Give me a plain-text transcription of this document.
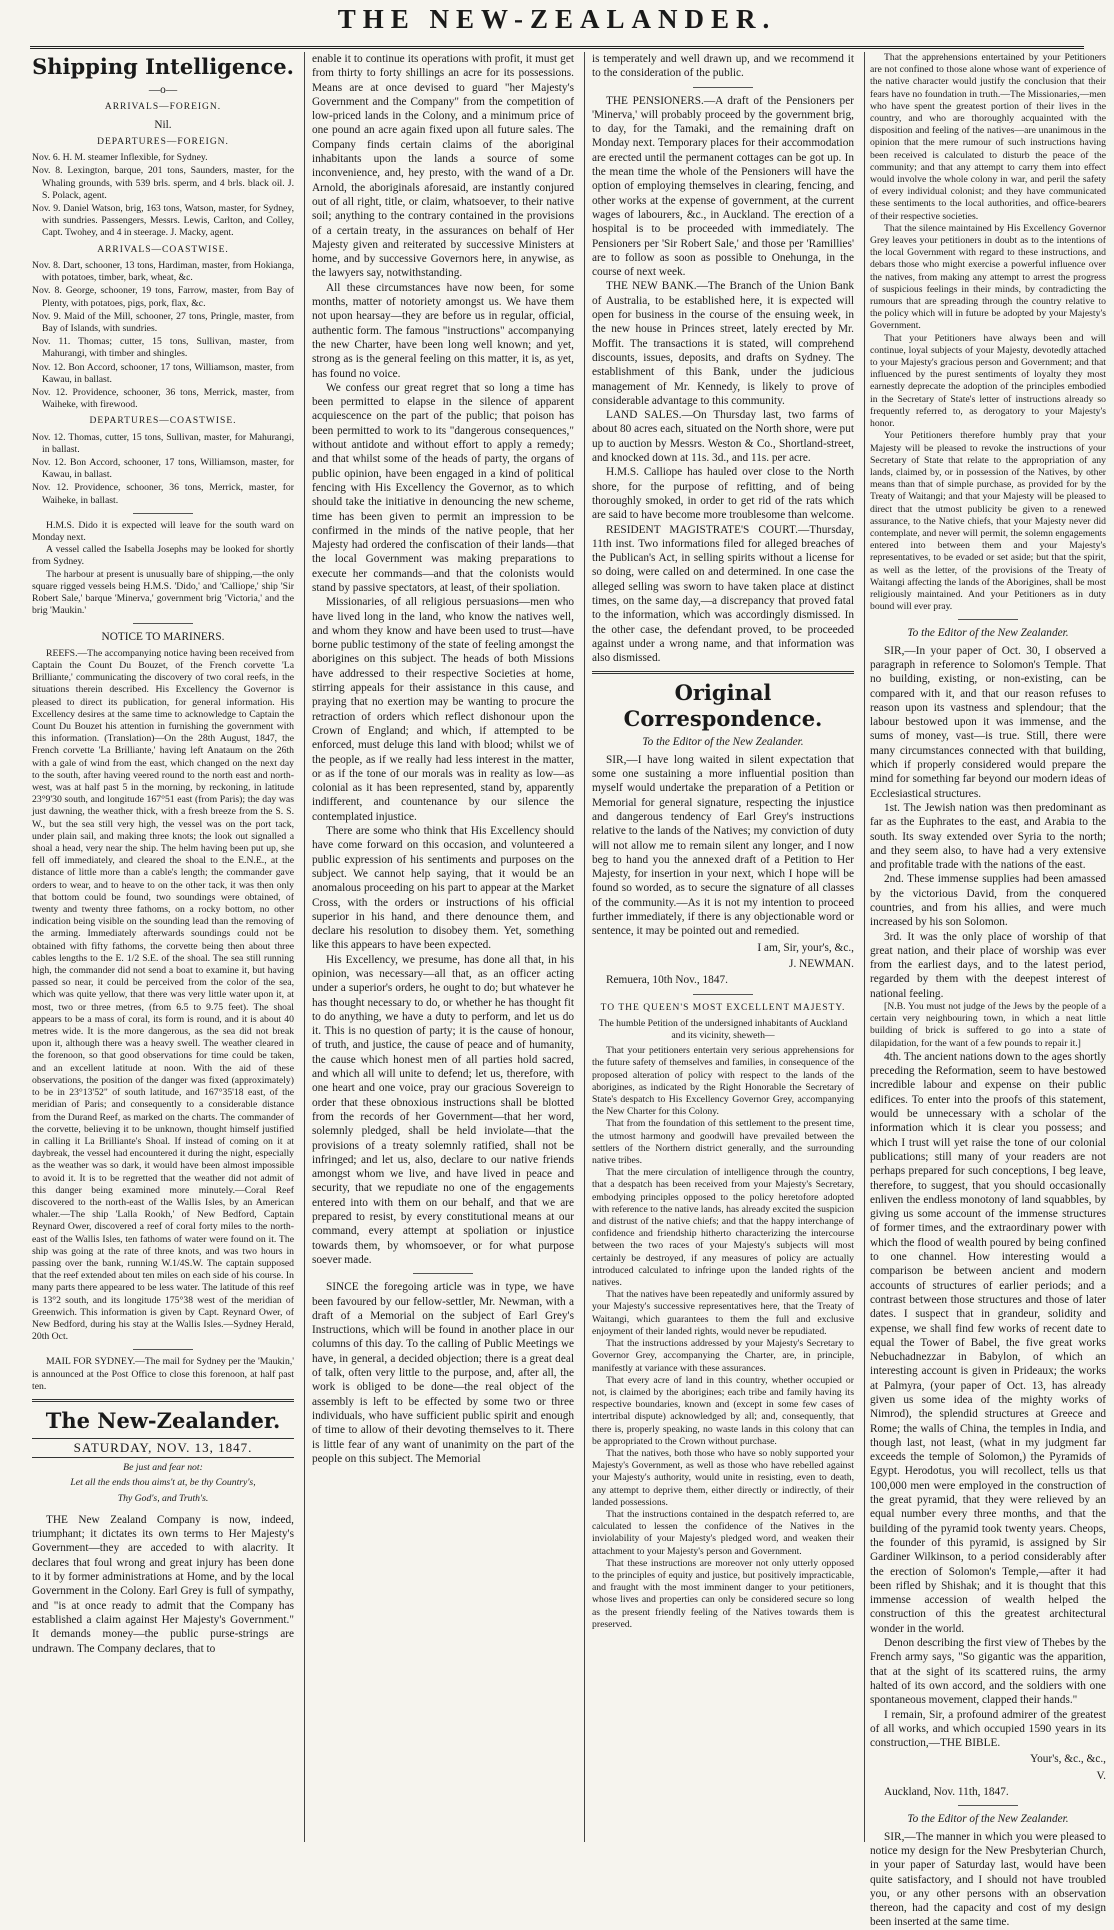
THE NEW-ZEALANDER.
Shipping Intelligence.

—o—

ARRIVALS—FOREIGN.

Nil.

DEPARTURES—FOREIGN.

Nov. 6. H. M. steamer Inflexible, for Sydney.

Nov. 8. Lexington, barque, 201 tons, Saunders, master, for the Whaling grounds, with 539 brls. sperm, and 4 brls. black oil. J. S. Polack, agent.

Nov. 9. Daniel Watson, brig, 163 tons, Watson, master, for Sydney, with sundries. Passengers, Messrs. Lewis, Carlton, and Colley, Capt. Twohey, and 4 in steerage. J. Macky, agent.

ARRIVALS—COASTWISE.

Nov. 8. Dart, schooner, 13 tons, Hardiman, master, from Hokianga, with potatoes, timber, bark, wheat, &c.

Nov. 8. George, schooner, 19 tons, Farrow, master, from Bay of Plenty, with potatoes, pigs, pork, flax, &c.

Nov. 9. Maid of the Mill, schooner, 27 tons, Pringle, master, from Bay of Islands, with sundries.

Nov. 11. Thomas; cutter, 15 tons, Sullivan, master, from Mahurangi, with timber and shingles.

Nov. 12. Bon Accord, schooner, 17 tons, Williamson, master, from Kawau, in ballast.

Nov. 12. Providence, schooner, 36 tons, Merrick, master, from Waiheke, with firewood.

DEPARTURES—COASTWISE.

Nov. 12. Thomas, cutter, 15 tons, Sullivan, master, for Mahurangi, in ballast.

Nov. 12. Bon Accord, schooner, 17 tons, Williamson, master, for Kawau, in ballast.

Nov. 12. Providence, schooner, 36 tons, Merrick, master, for Waiheke, in ballast.

H.M.S. Dido it is expected will leave for the south ward on Monday next.

A vessel called the Isabella Josephs may be looked for shortly from Sydney.

The harbour at present is unusually bare of shipping,—the only square rigged vessels being H.M.S. 'Dido,' and 'Calliope,' ship 'Sir Robert Sale,' barque 'Minerva,' government brig 'Victoria,' and the brig 'Maukin.'

NOTICE TO MARINERS.

REEFS.—The accompanying notice having been received from Captain the Count Du Bouzet, of the French corvette 'La Brilliante,' communicating the discovery of two coral reefs, in the situations therein described. His Excellency the Governor is pleased to direct its publication, for general information. His Excellency desires at the same time to acknowledge to Captain the Count Du Bouzet his attention in furnishing the government with this information. (Translation)—On the 28th August, 1847, the French corvette 'La Brilliante,' having left Anataum on the 26th with a gale of wind from the east, which changed on the next day to the south, after having veered round to the north east and north-west, was at half past 5 in the morning, by reckoning, in latitude 23°9'30 south, and longitude 167°51 east (from Paris); the day was just dawning, the weather thick, with a fresh breeze from the S. S. W., but the sea still very high, the vessel was on the port tack, under plain sail, and making three knots; the look out signalled a shoal a head, very near the ship. The helm having been put up, she fell off immediately, and cleared the shoal to the E.N.E., at the distance of little more than a cable's length; the commander gave orders to wear, and to heave to on the other tack, it was then only that bottom could be found, two soundings were obtained, of twenty and twenty three fathoms, on a rocky bottom, no other indication being visible on the sounding lead than the removing of the arming. Immediately afterwards soundings could not be obtained with fifty fathoms, the corvette being then about three cables lengths to the E. 1/2 S.E. of the shoal. The sea still running high, the commander did not send a boat to examine it, but having passed so near, it could be perceived from the color of the sea, which was quite yellow, that there was very little water upon it, at most, two or three metres, (from 6.5 to 9.75 feet). The shoal appears to be a mass of coral, its form is round, and it is about 40 metres wide. It is the more dangerous, as the sea did not break upon it, although there was a heavy swell. The weather cleared in the forenoon, so that good observations for time could be taken, and an excellent latitude at noon. With the aid of these observations, the position of the danger was fixed (approximately) to be in 23°13'52" of south latitude, and 167°35'18 east, of the meridian of Paris; and consequently to a considerable distance from the Durand Reef, as marked on the charts. The commander of the corvette, believing it to be unknown, thought himself justified in calling it La Brilliante's Shoal. If instead of coming on it at daybreak, the vessel had encountered it during the night, especially as the weather was so dark, it would have been almost impossible to avoid it. It is to be regretted that the weather did not admit of this danger being examined more minutely.—Coral Reef discovered to the north-east of the Wallis Isles, by an American whaler.—The ship 'Lalla Rookh,' of New Bedford, Captain Reynard Ower, discovered a reef of coral forty miles to the north-east of the Wallis Isles, ten fathoms of water were found on it. The ship was going at the rate of three knots, and was two hours in passing over the bank, running W.1/4S.W. The captain supposed that the reef extended about ten miles on each side of his course. In many parts there appeared to be less water. The latitude of this reef is 13°2 south, and its longitude 175°38 west of the meridian of Greenwich. This information is given by Capt. Reynard Ower, of New Bedford, during his stay at the Wallis Isles.—Sydney Herald, 20th Oct.

MAIL FOR SYDNEY.—The mail for Sydney per the 'Maukin,' is announced at the Post Office to close this forenoon, at half past ten.

The New-Zealander.
SATURDAY, NOV. 13, 1847.

Be just and fear not:

Let all the ends thou aims't at, be thy Country's,

Thy God's, and Truth's.

THE New Zealand Company is now, indeed, triumphant; it dictates its own terms to Her Majesty's Government—they are acceded to with alacrity. It declares that foul wrong and great injury has been done to it by former administrations at Home, and by the local Government in the Colony. Earl Grey is full of sympathy, and "is at once ready to admit that the Company has established a claim against Her Majesty's Government." It demands money—the public purse-strings are undrawn. The Company declares, that to

enable it to continue its operations with profit, it must get from thirty to forty shillings an acre for its possessions. Means are at once devised to guard "her Majesty's Government and the Company" from the competition of low-priced lands in the Colony, and a minimum price of one pound an acre again fixed upon all future sales. The Company finds certain claims of the aboriginal inhabitants upon the lands a source of some inconvenience, and, hey presto, with the wand of a Dr. Arnold, the aboriginals aforesaid, are instantly conjured out of all right, title, or claim, whatsoever, to their native soil; anything to the contrary contained in the provisions of a certain treaty, in the assurances on behalf of Her Majesty given and reiterated by successive Ministers at home, and by successive Governors here, in anywise, as the lawyers say, notwithstanding.

All these circumstances have now been, for some months, matter of notoriety amongst us. We have them not upon hearsay—they are before us in regular, official, authentic form. The famous "instructions" accompanying the new Charter, have been long well known; and yet, strong as is the general feeling on this matter, it is, as yet, has found no voice.

We confess our great regret that so long a time has been permitted to elapse in the silence of apparent acquiescence on the part of the public; that poison has been permitted to work to its "dangerous consequences," without antidote and without effort to apply a remedy; and that whilst some of the heads of party, the organs of public opinion, have been engaged in a kind of political fencing with His Excellency the Governor, as to which should take the initiative in denouncing the new scheme, time has been given to permit an impression to be confirmed in the minds of the native people, that her Majesty had ordered the confiscation of their lands—that the local Government was making preparations to execute her commands—and that the colonists would stand by passive spectators, at least, of their spoliation.

Missionaries, of all religious persuasions—men who have lived long in the land, who know the natives well, and whom they know and have been used to trust—have borne public testimony of the state of feeling amongst the aborigines on this subject. The heads of both Missions have addressed to their respective Societies at home, stirring appeals for their assistance in this cause, and praying that no exertion may be wanting to procure the retraction of orders which reflect dishonour upon the Crown of England; and which, if attempted to be enforced, must deluge this land with blood; whilst we of the people, as if we really had less interest in the matter, or as if the tone of our morals was in reality as low—as colonial as it has been represented, stand by, apparently indifferent, and countenance by our silence the contemplated injustice.

There are some who think that His Excellency should have come forward on this occasion, and volunteered a public expression of his sentiments and purposes on the subject. We cannot help saying, that it would be an anomalous proceeding on his part to appear at the Market Cross, with the orders or instructions of his official superior in his hand, and there denounce them, and declare his resolution to disobey them. Yet, something like this appears to have been expected.

His Excellency, we presume, has done all that, in his opinion, was necessary—all that, as an officer acting under a superior's orders, he ought to do; but whatever he has thought necessary to do, or whether he has thought fit to do anything, we have a duty to perform, and let us do it. This is no question of party; it is the cause of honour, of truth, and justice, the cause of peace and of humanity, the cause which honest men of all parties hold sacred, and which all will unite to defend; let us, therefore, with one heart and one voice, pray our gracious Sovereign to order that these obnoxious instructions shall be blotted from the records of her Government—that her word, solemnly pledged, shall be held inviolate—that the provisions of a treaty solemnly ratified, shall not be infringed; and let us, also, declare to our native friends amongst whom we live, and have lived in peace and security, that we repudiate no one of the engagements entered into with them on our behalf, and that we are prepared to resist, by every constitutional means at our command, every attempt at spoliation or injustice towards them, by whomsoever, or for what purpose soever made.

SINCE the foregoing article was in type, we have been favoured by our fellow-settler, Mr. Newman, with a draft of a Memorial on the subject of Earl Grey's Instructions, which will be found in another place in our columns of this day. To the calling of Public Meetings we have, in general, a decided objection; there is a great deal of talk, often very little to the purpose, and, after all, the work is obliged to be done—the real object of the assembly is left to be effected by some two or three individuals, who have sufficient public spirit and enough of time to allow of their devoting themselves to it. There is little fear of any want of unanimity on the part of the people on this subject. The Memorial

is temperately and well drawn up, and we recommend it to the consideration of the public.

THE PENSIONERS.—A draft of the Pensioners per 'Minerva,' will probably proceed by the government brig, to day, for the Tamaki, and the remaining draft on Monday next. Temporary places for their accommodation are erected until the permanent cottages can be got up. In the mean time the whole of the Pensioners will have the option of employing themselves in clearing, fencing, and other works at the expense of government, at the current wages of labourers, &c., in Auckland. The erection of a hospital is to be proceeded with immediately. The Pensioners per 'Sir Robert Sale,' and those per 'Ramillies' are to follow as soon as possible to Onehunga, in the course of next week.

THE NEW BANK.—The Branch of the Union Bank of Australia, to be established here, it is expected will open for business in the course of the ensuing week, in the new house in Princes street, lately erected by Mr. Moffit. The transactions it is stated, will comprehend discounts, issues, deposits, and drafts on Sydney. The establishment of this Bank, under the judicious management of Mr. Kennedy, is likely to prove of considerable advantage to this community.

LAND SALES.—On Thursday last, two farms of about 80 acres each, situated on the North shore, were put up to auction by Messrs. Weston & Co., Shortland-street, and knocked down at 11s. 3d., and 11s. per acre.

H.M.S. Calliope has hauled over close to the North shore, for the purpose of refitting, and of being thoroughly smoked, in order to get rid of the rats which are said to have become more troublesome than welcome.

RESIDENT MAGISTRATE'S COURT.—Thursday, 11th inst. Two informations filed for alleged breaches of the Publican's Act, in selling spirits without a license for so doing, were called on and determined. In one case the alleged selling was sworn to have taken place at distinct times, on the same day,—a discrepancy that proved fatal to the information, which was accordingly dismissed. In the other case, the defendant proved, to be proceeded against under a wrong name, and that information was also dismissed.

Original Correspondence.

To the Editor of the New Zealander.

SIR,—I have long waited in silent expectation that some one sustaining a more influential position than myself would undertake the preparation of a Petition or Memorial for general signature, respecting the injustice and dangerous tendency of Earl Grey's instructions relative to the lands of the Natives; my conviction of duty will not allow me to remain silent any longer, and I now beg to hand you the annexed draft of a Petition to Her Majesty, for insertion in your next, which I hope will be found so worded, as to secure the signature of all classes of the community.—As it is not my intention to proceed further immediately, if there is any objectionable word or sentence, it may be pointed out and remedied.

I am, Sir, your's, &c.,

J. NEWMAN.

Remuera, 10th Nov., 1847.

TO THE QUEEN'S MOST EXCELLENT MAJESTY.

The humble Petition of the undersigned inhabitants of Auckland and its vicinity, sheweth—

That your petitioners entertain very serious apprehensions for the future safety of themselves and families, in consequence of the proposed alteration of policy with respect to the lands of the aborigines, as indicated by the Right Honorable the Secretary of State's despatch to His Excellency Governor Grey, accompanying the New Charter for this Colony.

That from the foundation of this settlement to the present time, the utmost harmony and goodwill have prevailed between the settlers of the Northern district generally, and the surrounding native tribes.

That the mere circulation of intelligence through the country, that a despatch has been received from your Majesty's Secretary, embodying principles opposed to the policy heretofore adopted with reference to the native lands, has already excited the suspicion and distrust of the native chiefs; and that the happy interchange of confidence and friendship hitherto characterizing the intercourse between the two races of your Majesty's subjects will most certainly be destroyed, if any measures of policy are actually introduced calculated to infringe upon the landed rights of the natives.

That the natives have been repeatedly and uniformly assured by your Majesty's successive representatives here, that the Treaty of Waitangi, which guarantees to them the full and exclusive enjoyment of their landed rights, would never be repudiated.

That the instructions addressed by your Majesty's Secretary to Governor Grey, accompanying the Charter, are, in principle, manifestly at variance with these assurances.

That every acre of land in this country, whether occupied or not, is claimed by the aborigines; each tribe and family having its respective boundaries, known and (except in some few cases of intertribal dispute) acknowledged by all; and, consequently, that there is, properly speaking, no waste lands in this colony that can be appropriated to the Crown without purchase.

That the natives, both those who have so nobly supported your Majesty's Government, as well as those who have rebelled against your Majesty's authority, would unite in resisting, even to death, any attempt to deprive them, either directly or indirectly, of their landed possessions.

That the instructions contained in the despatch referred to, are calculated to lessen the confidence of the Natives in the inviolability of your Majesty's pledged word, and weaken their attachment to your Majesty's person and Government.

That these instructions are moreover not only utterly opposed to the principles of equity and justice, but positively impracticable, and fraught with the most imminent danger to your petitioners, whose lives and properties can only be considered secure so long as the present friendly feeling of the Natives towards them is preserved.

That the apprehensions entertained by your Petitioners are not confined to those alone whose want of experience of the native character would justify the conclusion that their fears have no foundation in truth.—The Missionaries,—men who have spent the greatest portion of their lives in the country, and who are thoroughly acquainted with the disposition and feeling of the natives—are unanimous in the opinion that the mere rumour of such instructions having been received is calculated to disturb the peace of the community; and that any attempt to carry them into effect would involve the whole colony in war, and peril the safety of every individual colonist; and they have communicated these sentiments to the local authorities, and office-bearers of their respective societies.

That the silence maintained by His Excellency Governor Grey leaves your petitioners in doubt as to the intentions of the local Government with regard to these instructions, and debars those who might exercise a powerful influence over the natives, from making any attempt to arrest the progress of suspicious feelings in their minds, by contradicting the rumours that are spreading through the country relative to the policy which will in future be adopted by your Majesty's Government.

That your Petitioners have always been and will continue, loyal subjects of your Majesty, devotedly attached to your Majesty's gracious person and Government; and that influenced by the purest sentiments of loyalty they most earnestly deprecate the adoption of the principles embodied in the Secretary of State's letter of instructions already so frequently referred to, as derogatory to your Majesty's honor.

Your Petitioners therefore humbly pray that your Majesty will be pleased to revoke the instructions of your Secretary of State that relate to the appropriation of any lands, claimed by, or in possession of the Natives, by other means than that of simple purchase, as provided for by the Treaty of Waitangi; and that your Majesty will be pleased to direct that the utmost publicity be given to a renewed assurance, to the Native chiefs, that your Majesty never did contemplate, and never will permit, the solemn engagements entered into between them and your Majesty's representatives, to be evaded or set aside; but that the spirit, as well as the letter, of the provisions of the Treaty of Waitangi affecting the lands of the Aborigines, shall be most religiously maintained. And your Petitioners as in duty bound will ever pray.

To the Editor of the New Zealander.

SIR,—In your paper of Oct. 30, I observed a paragraph in reference to Solomon's Temple. That no building, existing, or non-existing, can be compared with it, and that our reason refuses to reason upon its vastness and splendour; that the labour bestowed upon it was immense, and the sums of money, vast—is true. Still, there were many circumstances connected with that building, which if properly considered would prepare the mind for something far beyond our modern ideas of Ecclesiastical structures.

1st. The Jewish nation was then predominant as far as the Euphrates to the east, and Arabia to the south. Its sway extended over Syria to the north; and they seem also, to have had a very extensive and profitable trade with the nations of the east.

2nd. These immense supplies had been amassed by the victorious David, from the conquered countries, and from his allies, and were much increased by his son Solomon.

3rd. It was the only place of worship of that great nation, and their place of worship was ever from the earliest days, and to the latest period, regarded by them with the deepest interest of national feeling.

[N.B. You must not judge of the Jews by the people of a certain very neighbouring town, in which a neat little building of brick is suffered to go into a state of dilapidation, for the want of a few pounds to repair it.]

4th. The ancient nations down to the ages shortly preceding the Reformation, seem to have bestowed incredible labour and expense on their public edifices. To enter into the proofs of this statement, would be unnecessary with a scholar of the information which it is clear you possess; and which I trust will yet raise the tone of our colonial publications; still many of your readers are not perhaps prepared for such conceptions, I beg leave, therefore, to suggest, that you should occasionally enliven the endless monotony of land squabbles, by giving us some account of the immense structures of former times, and the extraordinary power with which the flood of wealth poured by being confined to one channel. How interesting would a comparison be between ancient and modern accounts of structures of earlier periods; and a contrast between those structures and those of later dates. I suspect that in grandeur, solidity and expense, we shall find few works of recent date to equal the Tower of Babel, the five great works Nebuchadnezzar in Babylon, of which an interesting account is given in Prideaux; the works at Palmyra, (your paper of Oct. 13, has already given us some idea of the mighty works of Nimrod), the splendid structures at Greece and Rome; the walls of China, the temples in India, and though last, not least, (what in my judgment far exceeds the temple of Solomon,) the Pyramids of Egypt. Herodotus, you will recollect, tells us that 100,000 men were employed in the construction of the great pyramid, that they were relieved by an equal number every three months, and that the building of the pyramid took twenty years. Cheops, the founder of this pyramid, is assigned by Sir Gardiner Wilkinson, to a period considerably after the erection of Solomon's Temple,—after it had been rifled by Shishak; and it is thought that this immense accession of wealth helped the construction of this the greatest architectural wonder in the world.

Denon describing the first view of Thebes by the French army says, "So gigantic was the apparition, that at the sight of its scattered ruins, the army halted of its own accord, and the soldiers with one spontaneous movement, clapped their hands."

I remain, Sir, a profound admirer of the greatest of all works, and which occupied 1590 years in its construction,—THE BIBLE.

Your's, &c., &c.,

V.

Auckland, Nov. 11th, 1847.

To the Editor of the New Zealander.

SIR,—The manner in which you were pleased to notice my design for the New Presbyterian Church, in your paper of Saturday last, would have been quite satisfactory, and I should not have troubled you, or any other persons with an observation thereon, had the capacity and cost of my design been inserted at the same time.
